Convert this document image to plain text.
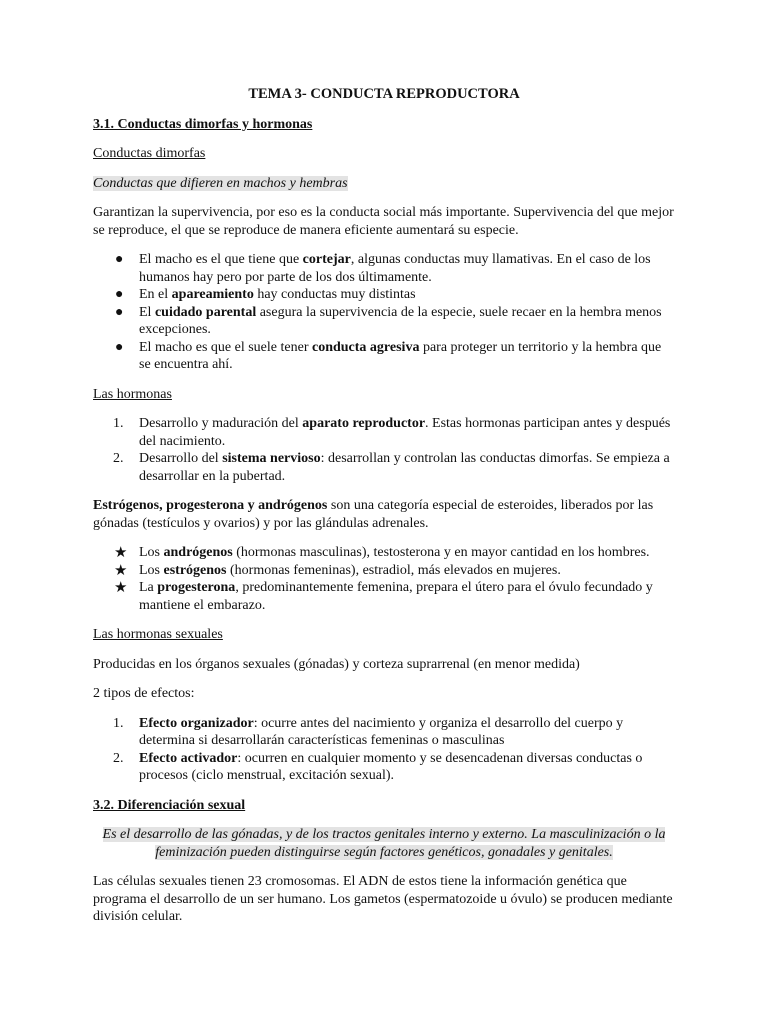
TEMA 3- CONDUCTA REPRODUCTORA
3.1. Conductas dimorfas y hormonas
Conductas dimorfas
Conductas que difieren en machos y hembras

Garantizan la supervivencia, por eso es la conducta social más importante. Supervivencia del que mejor se reproduce, el que se reproduce de manera eficiente aumentará su especie.

● El macho es el que tiene que cortejar, algunas conductas muy llamativas. En el caso de los humanos hay pero por parte de los dos últimamente.
● En el apareamiento hay conductas muy distintas
● El cuidado parental asegura la supervivencia de la especie, suele recaer en la hembra menos excepciones.
● El macho es que el suele tener conducta agresiva para proteger un territorio y la hembra que se encuentra ahí.
Las hormonas
1. Desarrollo y maduración del aparato reproductor. Estas hormonas participan antes y después del nacimiento.
2. Desarrollo del sistema nervioso: desarrollan y controlan las conductas dimorfas. Se empieza a desarrollar en la pubertad.

Estrógenos, progesterona y andrógenos son una categoría especial de esteroides, liberados por las gónadas (testículos y ovarios) y por las glándulas adrenales.

★ Los andrógenos (hormonas masculinas), testosterona y en mayor cantidad en los hombres.
★ Los estrógenos (hormonas femeninas), estradiol, más elevados en mujeres.
★ La progesterona, predominantemente femenina, prepara el útero para el óvulo fecundado y mantiene el embarazo.
Las hormonas sexuales

Producidas en los órganos sexuales (gónadas) y corteza suprarrenal (en menor medida)

2 tipos de efectos:

1. Efecto organizador: ocurre antes del nacimiento y organiza el desarrollo del cuerpo y determina si desarrollarán características femeninas o masculinas
2. Efecto activador: ocurren en cualquier momento y se desencadenan diversas conductas o procesos (ciclo menstrual, excitación sexual).
3.2. Diferenciación sexual
Es el desarrollo de las gónadas, y de los tractos genitales interno y externo. La masculinización o la
feminización pueden distinguirse según factores genéticos, gonadales y genitales.

Las células sexuales tienen 23 cromosomas. El ADN de estos tiene la información genética que programa el desarrollo de un ser humano. Los gametos (espermatozoide u óvulo) se producen mediante división celular.
